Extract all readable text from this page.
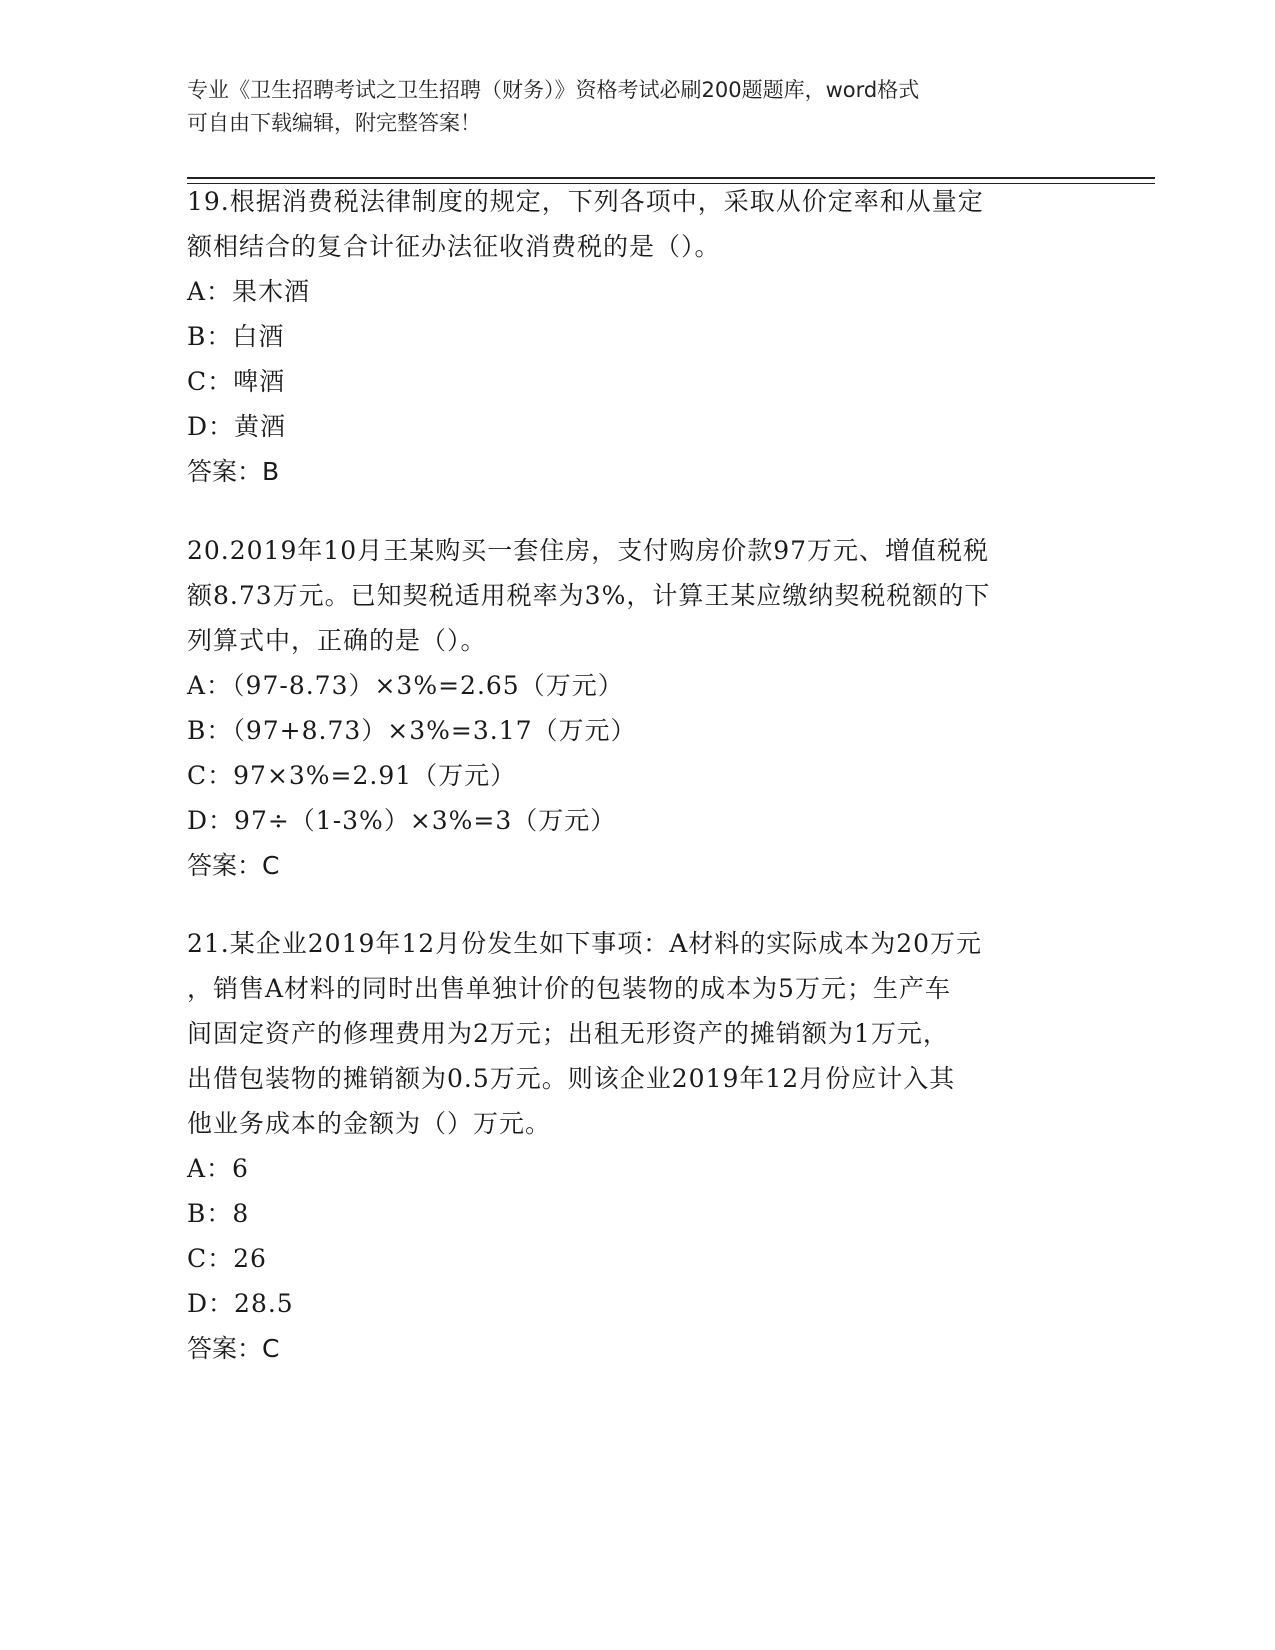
专业《卫生招聘考试之卫生招聘（财务）》资格考试必刷200题题库，word格式
可自由下载编辑，附完整答案！

19.根据消费税法律制度的规定，下列各项中，采取从价定率和从量定

额相结合的复合计征办法征收消费税的是（）。

A：果木酒

B：白酒

C：啤酒

D：黄酒

答案：B

20.2019年10月王某购买一套住房，支付购房价款97万元、增值税税

额8.73万元。已知契税适用税率为3%，计算王某应缴纳契税税额的下

列算式中，正确的是（）。

A：（97-8.73）×3%=2.65（万元）

B：（97+8.73）×3%=3.17（万元）

C：97×3%=2.91（万元）

D：97÷（1-3%）×3%=3（万元）

答案：C

21.某企业2019年12月份发生如下事项：A材料的实际成本为20万元

，销售A材料的同时出售单独计价的包装物的成本为5万元；生产车

间固定资产的修理费用为2万元；出租无形资产的摊销额为1万元，

出借包装物的摊销额为0.5万元。则该企业2019年12月份应计入其

他业务成本的金额为（）万元。

A：6

B：8

C：26

D：28.5

答案：C
